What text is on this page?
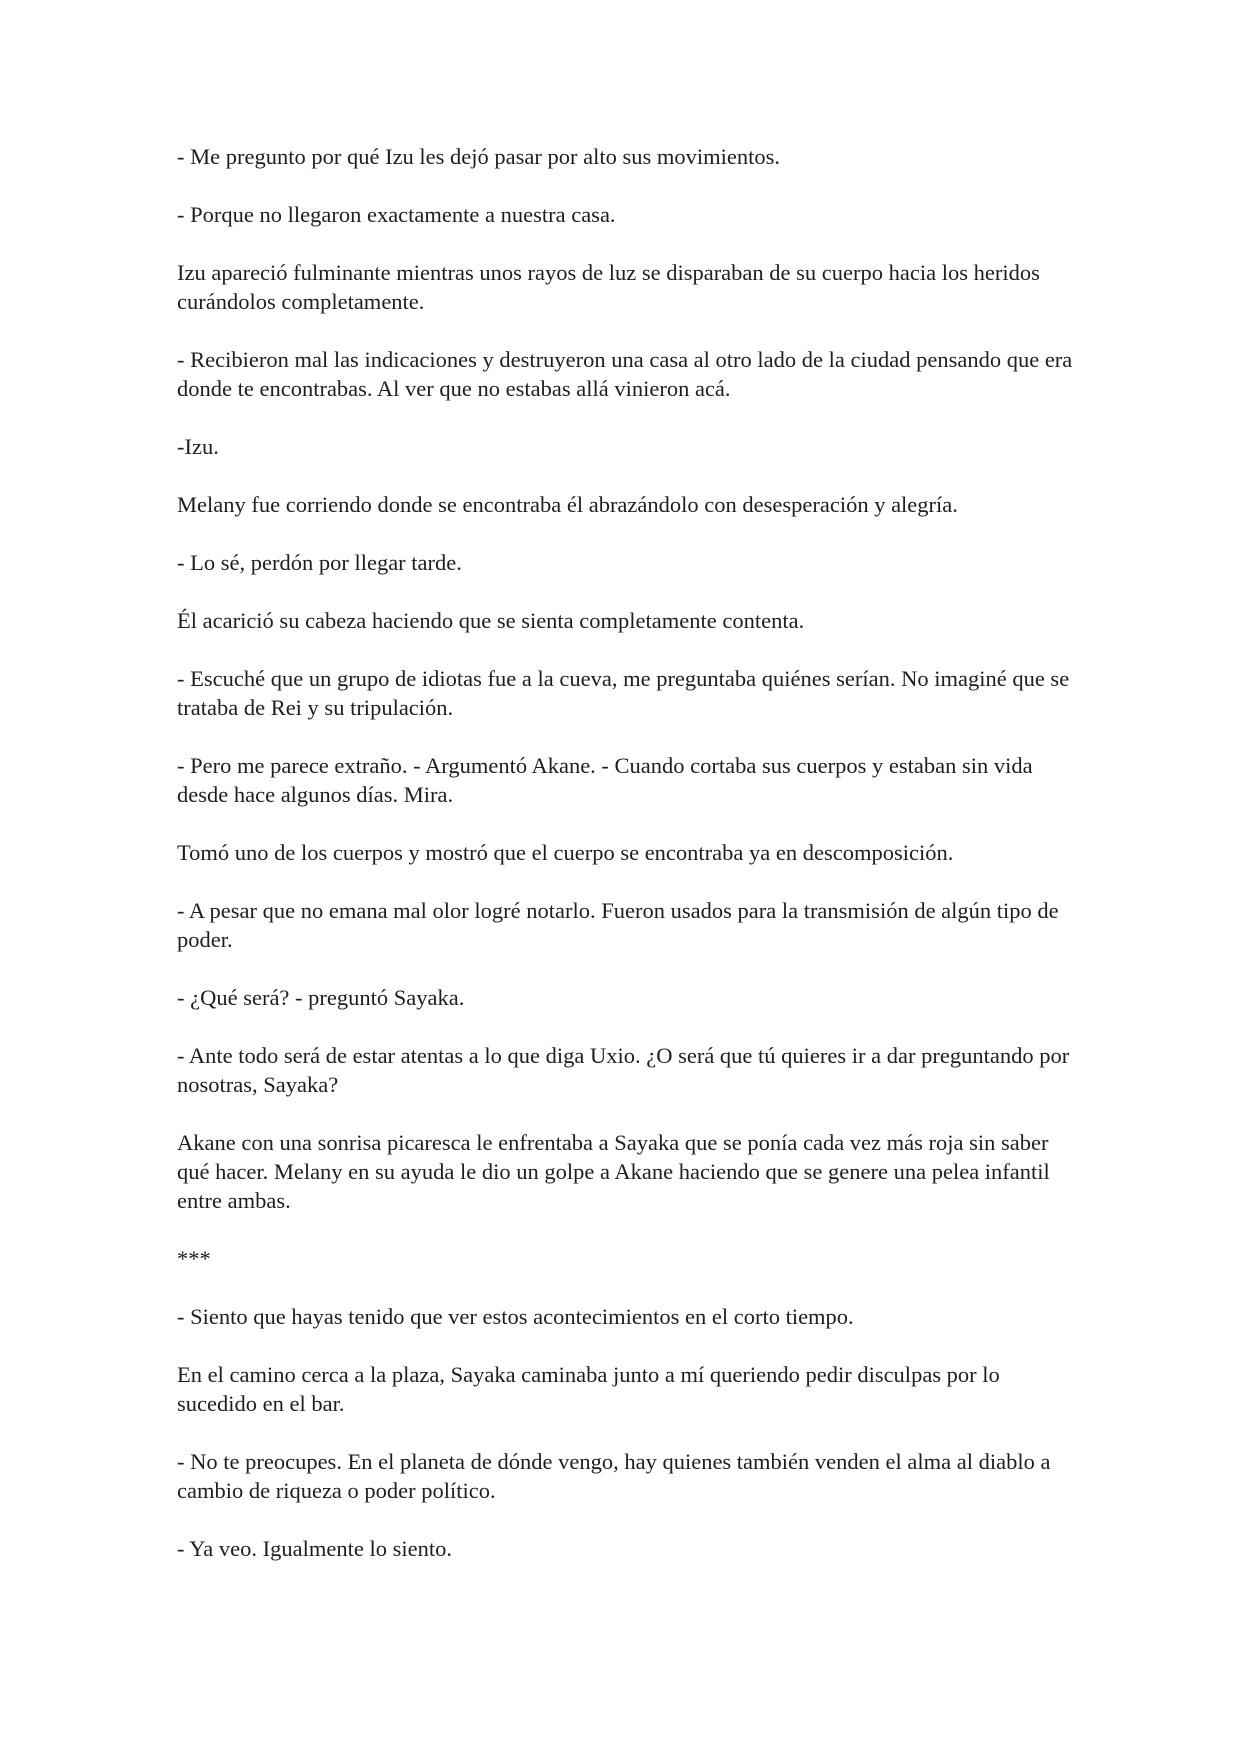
- Me pregunto por qué Izu les dejó pasar por alto sus movimientos.

- Porque no llegaron exactamente a nuestra casa.

Izu apareció fulminante mientras unos rayos de luz se disparaban de su cuerpo hacia los heridos curándolos completamente.

- Recibieron mal las indicaciones y destruyeron una casa al otro lado de la ciudad pensando que era donde te encontrabas. Al ver que no estabas allá vinieron acá.

-Izu.

Melany fue corriendo donde se encontraba él abrazándolo con desesperación y alegría.

- Lo sé, perdón por llegar tarde.

Él acarició su cabeza haciendo que se sienta completamente contenta.

- Escuché que un grupo de idiotas fue a la cueva, me preguntaba quiénes serían. No imaginé que se trataba de Rei y su tripulación.

- Pero me parece extraño. - Argumentó Akane. - Cuando cortaba sus cuerpos y estaban sin vida desde hace algunos días. Mira.

Tomó uno de los cuerpos y mostró que el cuerpo se encontraba ya en descomposición.

- A pesar que no emana mal olor logré notarlo. Fueron usados para la transmisión de algún tipo de poder.

- ¿Qué será? - preguntó Sayaka.

- Ante todo será de estar atentas a lo que diga Uxio. ¿O será que tú quieres ir a dar preguntando por nosotras, Sayaka?

Akane con una sonrisa picaresca le enfrentaba a Sayaka que se ponía cada vez más roja sin saber qué hacer. Melany en su ayuda le dio un golpe a Akane haciendo que se genere una pelea infantil entre ambas.

***

- Siento que hayas tenido que ver estos acontecimientos en el corto tiempo.

En el camino cerca a la plaza, Sayaka caminaba junto a mí queriendo pedir disculpas por lo sucedido en el bar.

- No te preocupes. En el planeta de dónde vengo, hay quienes también venden el alma al diablo a cambio de riqueza o poder político.

- Ya veo. Igualmente lo siento.
